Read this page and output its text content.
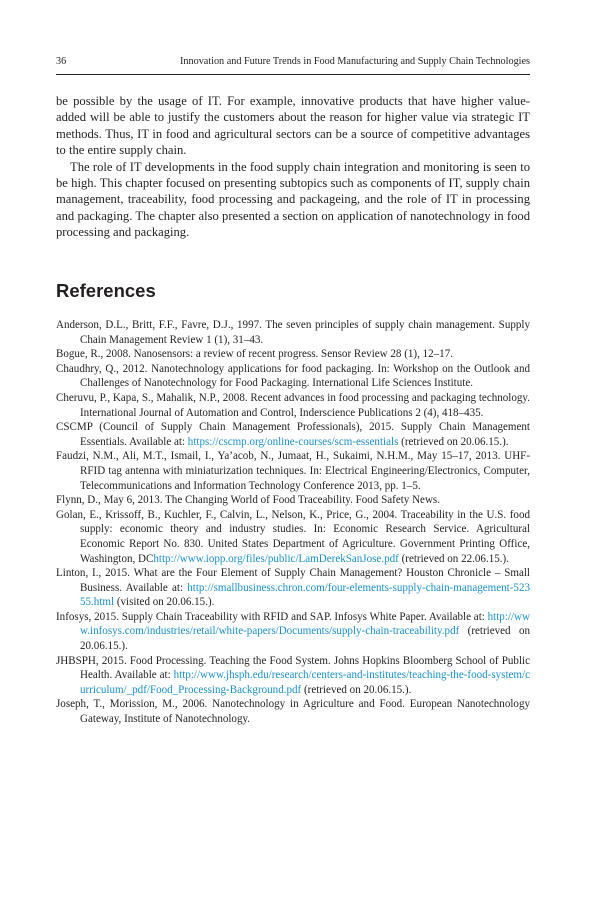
36	Innovation and Future Trends in Food Manufacturing and Supply Chain Technologies

be possible by the usage of IT. For example, innovative products that have higher value-added will be able to justify the customers about the reason for higher value via strategic IT methods. Thus, IT in food and agricultural sectors can be a source of competitive advantages to the entire supply chain.

The role of IT developments in the food supply chain integration and monitoring is seen to be high. This chapter focused on presenting subtopics such as components of IT, supply chain management, traceability, food processing and packageing, and the role of IT in processing and packaging. The chapter also presented a section on application of nanotechnology in food processing and packaging.

References

Anderson, D.L., Britt, F.F., Favre, D.J., 1997. The seven principles of supply chain management. Supply Chain Management Review 1 (1), 31–43.

Bogue, R., 2008. Nanosensors: a review of recent progress. Sensor Review 28 (1), 12–17.

Chaudhry, Q., 2012. Nanotechnology applications for food packaging. In: Workshop on the Outlook and Challenges of Nanotechnology for Food Packaging. International Life Sciences Institute.

Cheruvu, P., Kapa, S., Mahalik, N.P., 2008. Recent advances in food processing and packaging technology. International Journal of Automation and Control, Inderscience Publications 2 (4), 418–435.

CSCMP (Council of Supply Chain Management Professionals), 2015. Supply Chain Management Essentials. Available at: https://cscmp.org/online-courses/scm-essentials (retrieved on 20.06.15.).

Faudzi, N.M., Ali, M.T., Ismail, I., Ya’acob, N., Jumaat, H., Sukaimi, N.H.M., May 15–17, 2013. UHF-RFID tag antenna with miniaturization techniques. In: Electrical Engineering/Electronics, Computer, Telecommunications and Information Technology Conference 2013, pp. 1–5.

Flynn, D., May 6, 2013. The Changing World of Food Traceability. Food Safety News.

Golan, E., Krissoff, B., Kuchler, F., Calvin, L., Nelson, K., Price, G., 2004. Traceability in the U.S. food supply: economic theory and industry studies. In: Economic Research Service. Agricultural Economic Report No. 830. United States Department of Agriculture. Government Printing Office, Washington, DChttp://www.iopp.org/files/public/LamDerekSanJose.pdf (retrieved on 22.06.15.).

Linton, I., 2015. What are the Four Element of Supply Chain Management? Houston Chronicle – Small Business. Available at: http://smallbusiness.chron.com/four-elements-supply-chain-management-52355.html (visited on 20.06.15.).

Infosys, 2015. Supply Chain Traceability with RFID and SAP. Infosys White Paper. Available at: http://www.infosys.com/industries/retail/white-papers/Documents/supply-chain-traceability.pdf (retrieved on 20.06.15.).

JHBSPH, 2015. Food Processing. Teaching the Food System. Johns Hopkins Bloomberg School of Public Health. Available at: http://www.jhsph.edu/research/centers-and-institutes/teaching-the-food-system/curriculum/_pdf/Food_Processing-Background.pdf (retrieved on 20.06.15.).

Joseph, T., Morission, M., 2006. Nanotechnology in Agriculture and Food. European Nanotechnology Gateway, Institute of Nanotechnology.
